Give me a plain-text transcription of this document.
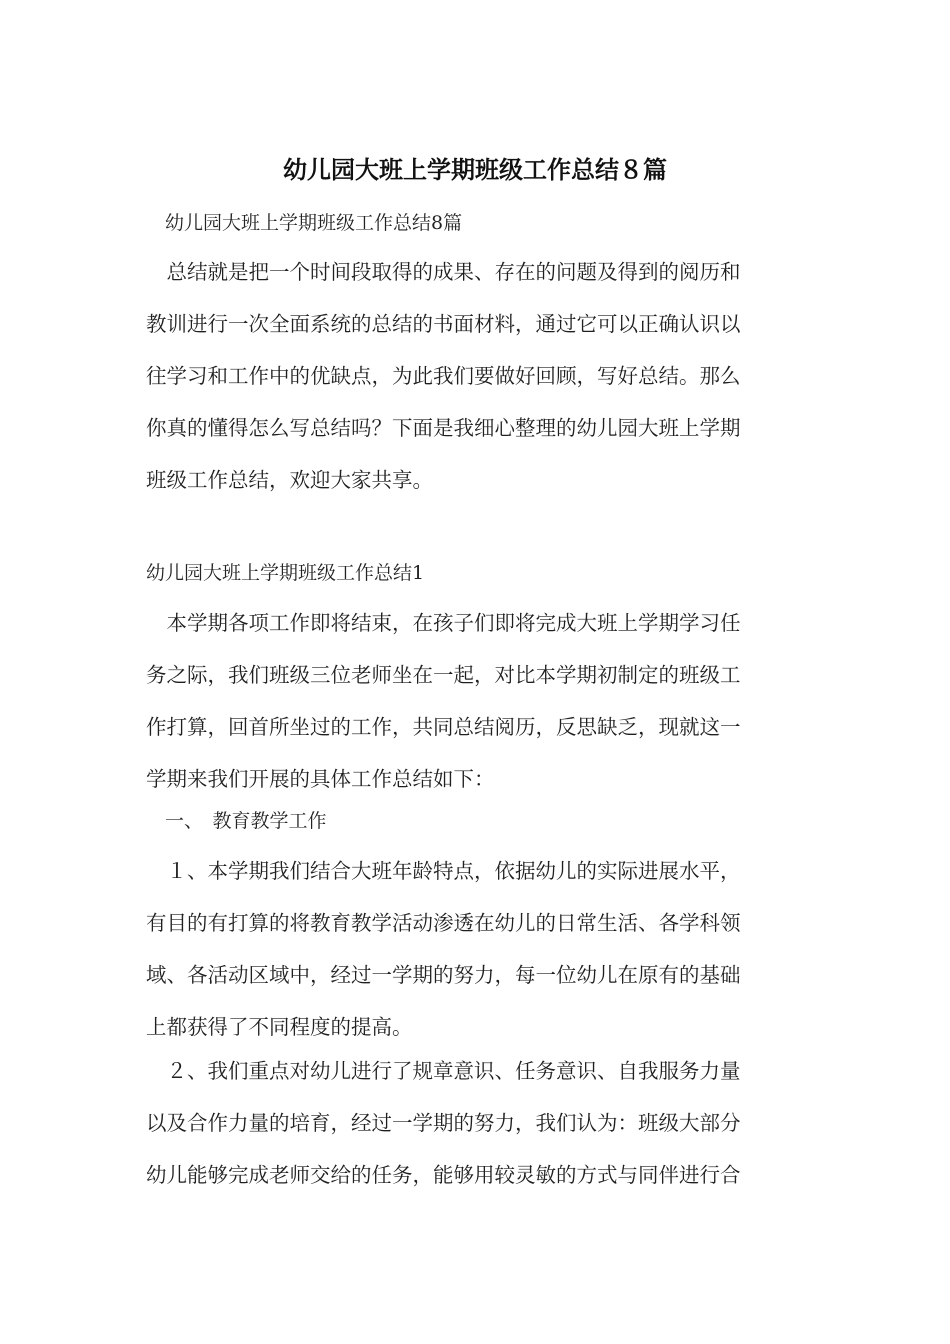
幼儿园大班上学期班级工作总结８篇
幼儿园大班上学期班级工作总结8篇
　总结就是把一个时间段取得的成果、存在的问题及得到的阅历和
教训进行一次全面系统的总结的书面材料，通过它可以正确认识以
往学习和工作中的优缺点，为此我们要做好回顾，写好总结。那么
你真的懂得怎么写总结吗？下面是我细心整理的幼儿园大班上学期
班级工作总结，欢迎大家共享。
幼儿园大班上学期班级工作总结1
　本学期各项工作即将结束，在孩子们即将完成大班上学期学习任
务之际，我们班级三位老师坐在一起，对比本学期初制定的班级工
作打算，回首所坐过的工作，共同总结阅历，反思缺乏，现就这一
学期来我们开展的具体工作总结如下：
　一、　教育教学工作
　１、本学期我们结合大班年龄特点，依据幼儿的实际进展水平，
有目的有打算的将教育教学活动渗透在幼儿的日常生活、各学科领
域、各活动区域中，经过一学期的努力，每一位幼儿在原有的基础
上都获得了不同程度的提高。
　２、我们重点对幼儿进行了规章意识、任务意识、自我服务力量
以及合作力量的培育，经过一学期的努力，我们认为：班级大部分
幼儿能够完成老师交给的任务，能够用较灵敏的方式与同伴进行合
